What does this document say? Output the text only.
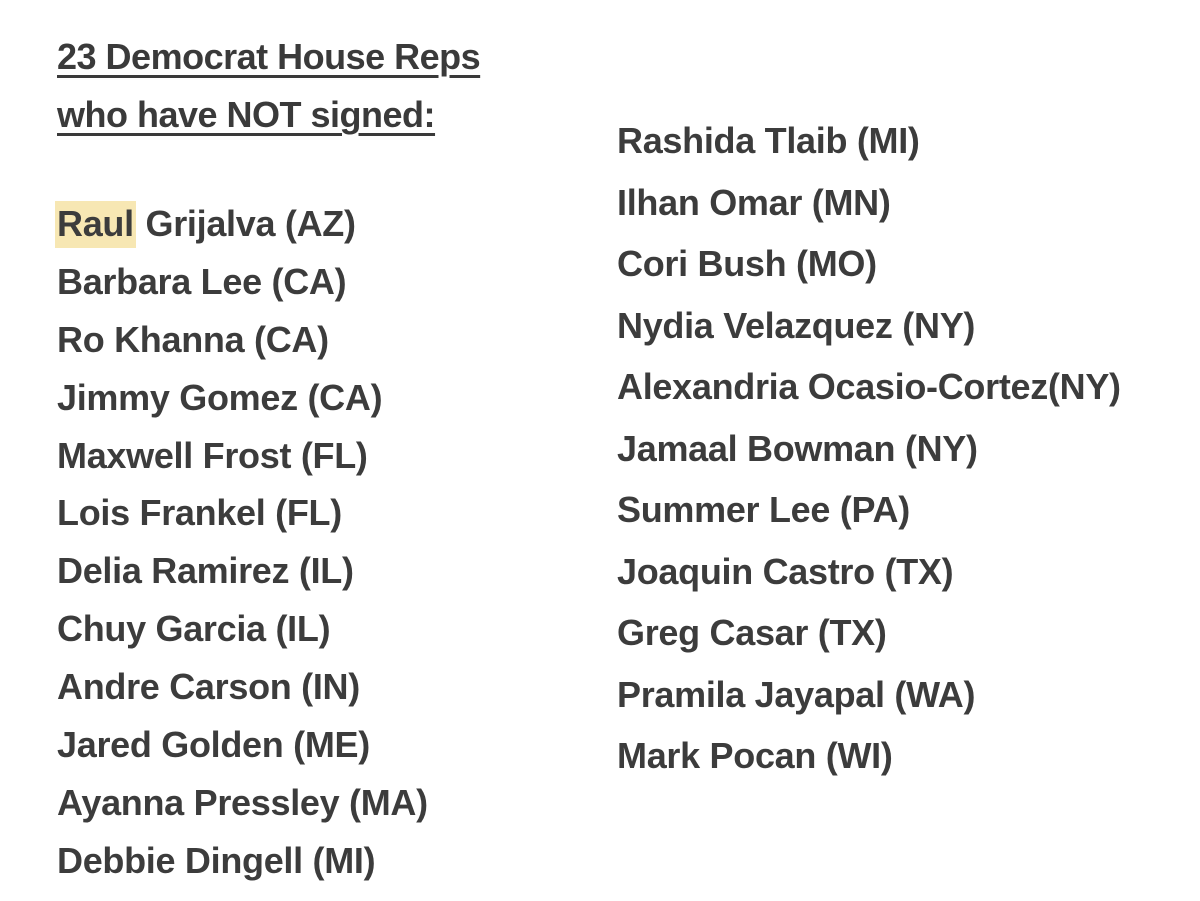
23 Democrat House Reps
who have NOT signed:
Raul Grijalva (AZ)
Barbara Lee (CA)
Ro Khanna (CA)
Jimmy Gomez (CA)
Maxwell Frost (FL)
Lois Frankel (FL)
Delia Ramirez (IL)
Chuy Garcia (IL)
Andre Carson (IN)
Jared Golden (ME)
Ayanna Pressley (MA)
Debbie Dingell (MI)
Rashida Tlaib (MI)
Ilhan Omar (MN)
Cori Bush (MO)
Nydia Velazquez (NY)
Alexandria Ocasio-Cortez(NY)
Jamaal Bowman (NY)
Summer Lee (PA)
Joaquin Castro (TX)
Greg Casar (TX)
Pramila Jayapal (WA)
Mark Pocan (WI)
